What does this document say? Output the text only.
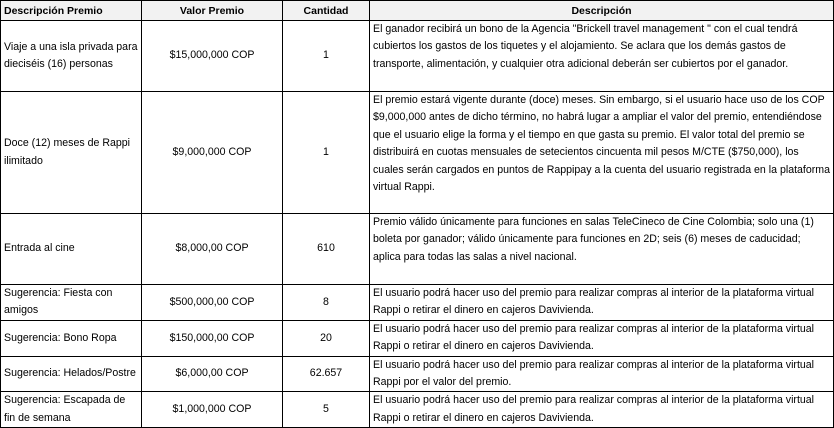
Descripción Premio	Valor Premio	Cantidad	Descripción
Viaje a una isla privada para dieciséis (16) personas	$15,000,000 COP	1	El ganador recibirá un bono de la Agencia "Brickell travel management " con el cual tendrá cubiertos los gastos de los tiquetes y el alojamiento. Se aclara que los demás gastos de transporte, alimentación, y cualquier otra adicional deberán ser cubiertos por el ganador.
Doce (12) meses de Rappi ilimitado	$9,000,000 COP	1	El premio estará vigente durante (doce) meses. Sin embargo, si el usuario hace uso de los COP $9,000,000 antes de dicho término, no habrá lugar a ampliar el valor del premio, entendiéndose que el usuario elige la forma y el tiempo en que gasta su premio. El valor total del premio se distribuirá en cuotas mensuales de setecientos cincuenta mil pesos M/CTE ($750,000), los cuales serán cargados en puntos de Rappipay a la cuenta del usuario registrada en la plataforma virtual Rappi.
Entrada al cine	$8,000,00 COP	610	Premio válido únicamente para funciones en salas TeleCineco de Cine Colombia; solo una (1) boleta por ganador; válido únicamente para funciones en 2D; seis (6) meses de caducidad; aplica para todas las salas a nivel nacional.
Sugerencia: Fiesta con amigos	$500,000,00 COP	8	El usuario podrá hacer uso del premio para realizar compras al interior de la plataforma virtual Rappi o retirar el dinero en cajeros Davivienda.
Sugerencia: Bono Ropa	$150,000,00 COP	20	El usuario podrá hacer uso del premio para realizar compras al interior de la plataforma virtual Rappi o retirar el dinero en cajeros Davivienda.
Sugerencia: Helados/Postre	$6,000,00 COP	62.657	El usuario podrá hacer uso del premio para realizar compras al interior de la plataforma virtual Rappi por el valor del premio.
Sugerencia: Escapada de fin de semana	$1,000,000 COP	5	El usuario podrá hacer uso del premio para realizar compras al interior de la plataforma virtual Rappi o retirar el dinero en cajeros Davivienda.
